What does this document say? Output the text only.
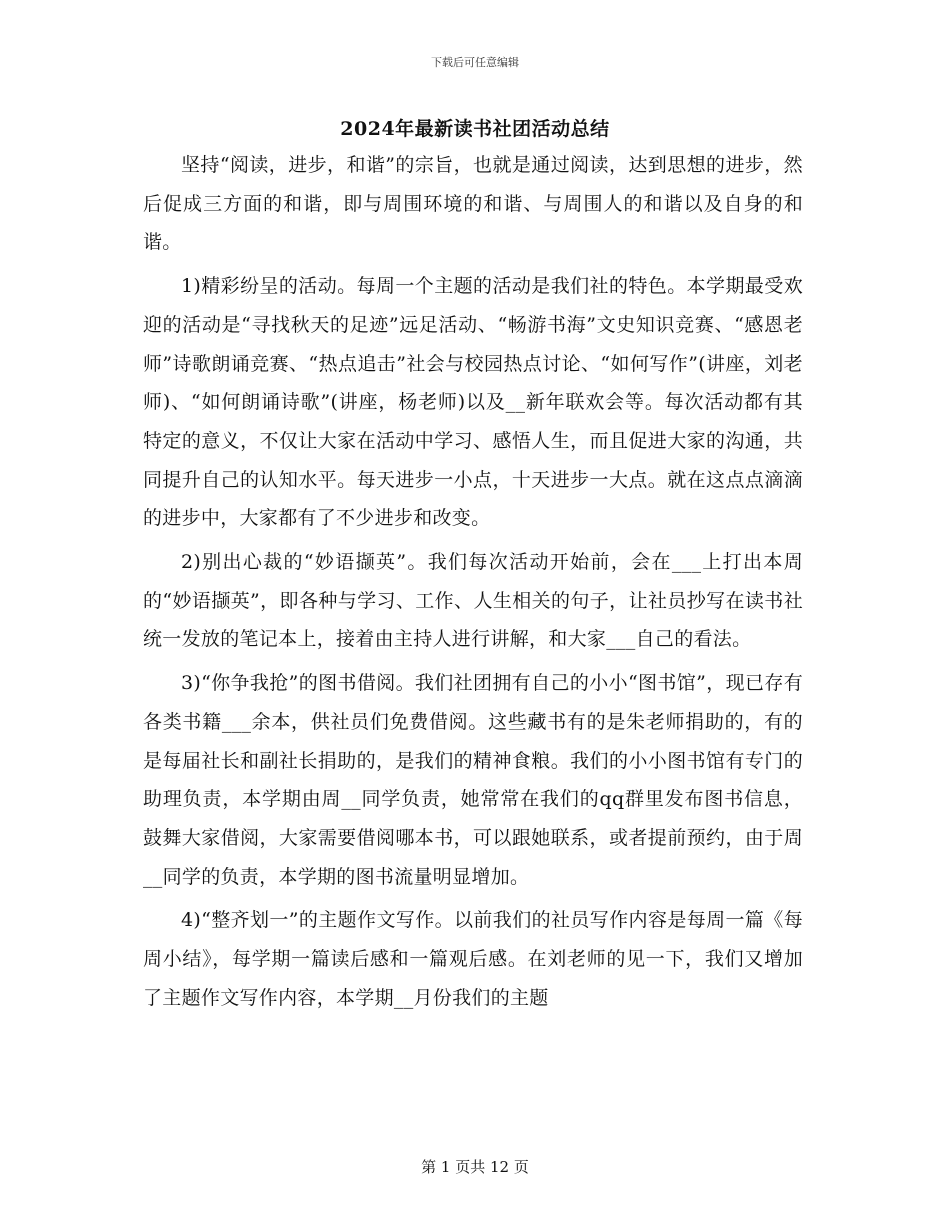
下载后可任意编辑
2024年最新读书社团活动总结

坚持“阅读，进步，和谐”的宗旨，也就是通过阅读，达到思想的进步，然后促成三方面的和谐，即与周围环境的和谐、与周围人的和谐以及自身的和谐。

1)精彩纷呈的活动。每周一个主题的活动是我们社的特色。本学期最受欢迎的活动是“寻找秋天的足迹”远足活动、“畅游书海”文史知识竞赛、“感恩老师”诗歌朗诵竞赛、“热点追击”社会与校园热点讨论、“如何写作”(讲座，刘老师)、“如何朗诵诗歌”(讲座，杨老师)以及__新年联欢会等。每次活动都有其特定的意义，不仅让大家在活动中学习、感悟人生，而且促进大家的沟通，共同提升自己的认知水平。每天进步一小点，十天进步一大点。就在这点点滴滴的进步中，大家都有了不少进步和改变。

2)别出心裁的“妙语撷英”。我们每次活动开始前，会在___上打出本周的“妙语撷英”，即各种与学习、工作、人生相关的句子，让社员抄写在读书社统一发放的笔记本上，接着由主持人进行讲解，和大家___自己的看法。

3)“你争我抢”的图书借阅。我们社团拥有自己的小小“图书馆”，现已存有各类书籍___余本，供社员们免费借阅。这些藏书有的是朱老师捐助的，有的是每届社长和副社长捐助的，是我们的精神食粮。我们的小小图书馆有专门的助理负责，本学期由周__同学负责，她常常在我们的qq群里发布图书信息，鼓舞大家借阅，大家需要借阅哪本书，可以跟她联系，或者提前预约，由于周__同学的负责，本学期的图书流量明显增加。

4)“整齐划一”的主题作文写作。以前我们的社员写作内容是每周一篇《每周小结》，每学期一篇读后感和一篇观后感。在刘老师的见一下，我们又增加了主题作文写作内容，本学期__月份我们的主题

第 1 页共 12 页
